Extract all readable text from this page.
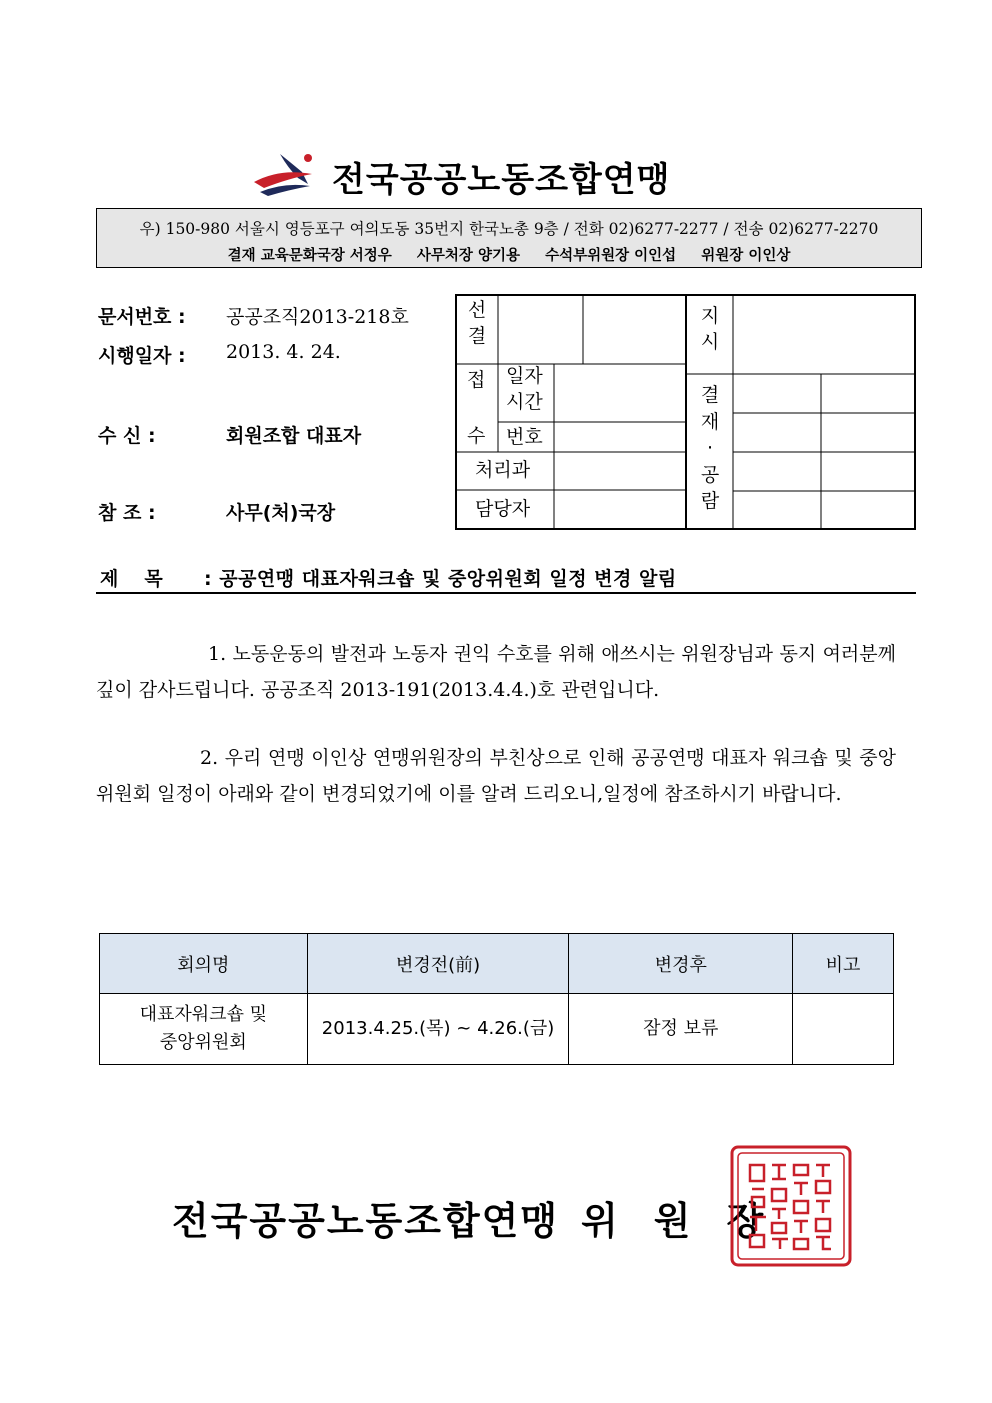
전국공공노동조합연맹
우) 150-980 서울시 영등포구 여의도동 35번지 한국노총 9층 / 전화 02)6277-2277 / 전송 02)6277-2270
결재 교육문화국장 서정우 사무처장 양기용 수석부위원장 이인섭 위원장 이인상
문서번호 : 공공조직2013-218호
시행일자 : 2013. 4. 24.
수 신 :	회원조합 대표자
참 조 :	사무(처)국장
선결
지시
접
수
일자
시간
번호
처리과
담당자
결재·공람
제목 : 공공연맹 대표자워크숍 및 중앙위원회 일정 변경 알림
1. 노동운동의 발전과 노동자 권익 수호를 위해 애쓰시는 위원장님과 동지 여러분께 깊이 감사드립니다. 공공조직 2013-191(2013.4.4.)호 관련입니다.
2. 우리 연맹 이인상 연맹위원장의 부친상으로 인해 공공연맹 대표자 워크숍 및 중앙위원회 일정이 아래와 같이 변경되었기에 이를 알려 드리오니,일정에 참조하시기 바랍니다.
회의명	변경전(前)	변경후	비고
대표자워크숍 및
중앙위원회	2013.4.25.(목) ~ 4.26.(금)	잠정 보류	
전국공공노동조합연맹 위원장
